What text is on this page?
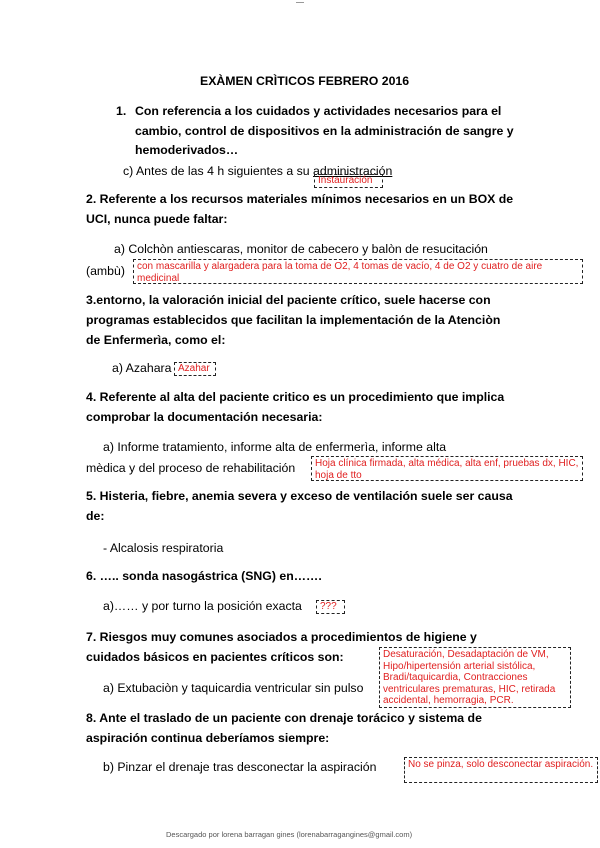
EXÀMEN CRÌTICOS FEBRERO 2016
1. Con referencia a los cuidados y actividades necesarios para el
cambio, control de dispositivos en la administración de sangre y
hemoderivados…
c) Antes de las 4 h siguientes a su administración
Instauración
2. Referente a los recursos materiales mínimos necesarios en un BOX de
UCI, nunca puede faltar:
a) Colchòn antiescaras, monitor de cabecero y balòn de resucitación
(ambù)	con mascarilla y alargadera para la toma de O2, 4 tomas de vacío, 4 de O2 y cuatro de aire medicinal
3.entorno, la valoración inicial del paciente crítico, suele hacerse con
programas establecidos que facilitan la implementación de la Atenciòn
de Enfermerìa, como el:
a) Azahara Azahar
4. Referente al alta del paciente critico es un procedimiento que implica
comprobar la documentación necesaria:
a) Informe tratamiento, informe alta de enfermerìa, informe alta
mèdica y del proceso de rehabilitación	Hoja clínica firmada, alta médica, alta enf, pruebas dx, HIC, hoja de tto
5. Histeria, fiebre, anemia severa y exceso de ventilación suele ser causa
de:
- Alcalosis respiratoria
6. ….. sonda nasogástrica (SNG) en…….
a)…… y por turno la posición exacta	???
7. Riesgos muy comunes asociados a procedimientos de higiene y
cuidados básicos en pacientes críticos son:
a) Extubaciòn y taquicardia ventricular sin pulso
Desaturación, Desadaptación de VM, Hipo/hipertensión arterial sistólica, Bradi/taquicardia, Contracciones ventriculares prematuras, HIC, retirada accidental, hemorragia, PCR.
8. Ante el traslado de un paciente con drenaje torácico y sistema de
aspiración continua deberíamos siempre:
b) Pinzar el drenaje tras desconectar la aspiración	No se pinza, solo desconectar aspiración.
Descargado por lorena barragan gines (lorenabarragangines@gmail.com)
